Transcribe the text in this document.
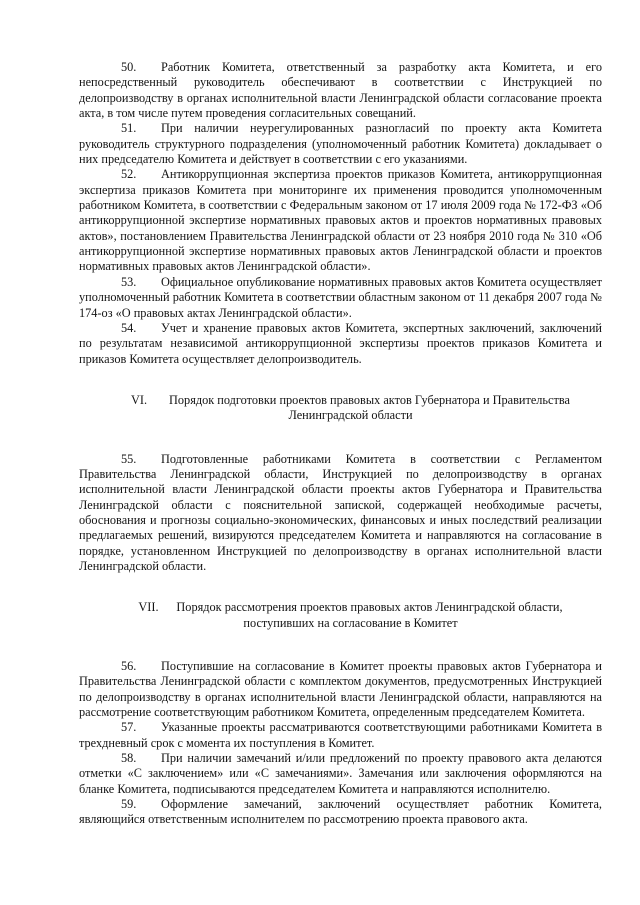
50. Работник Комитета, ответственный за разработку акта Комитета, и его непосредственный руководитель обеспечивают в соответствии с Инструкцией по делопроизводству в органах исполнительной власти Ленинградской области согласование проекта акта, в том числе путем проведения согласительных совещаний.

51. При наличии неурегулированных разногласий по проекту акта Комитета руководитель структурного подразделения (уполномоченный работник Комитета) докладывает о них председателю Комитета и действует в соответствии с его указаниями.

52. Антикоррупционная экспертиза проектов приказов Комитета, антикоррупционная экспертиза приказов Комитета при мониторинге их применения проводится уполномоченным работником Комитета, в соответствии с Федеральным законом от 17 июля 2009 года № 172-ФЗ «Об антикоррупционной экспертизе нормативных правовых актов и проектов нормативных правовых актов», постановлением Правительства Ленинградской области от 23 ноября 2010 года № 310 «Об антикоррупционной экспертизе нормативных правовых актов Ленинградской области и проектов нормативных правовых актов Ленинградской области».

53. Официальное опубликование нормативных правовых актов Комитета осуществляет уполномоченный работник Комитета в соответствии областным законом от 11 декабря 2007 года № 174-оз «О правовых актах Ленинградской области».

54. Учет и хранение правовых актов Комитета, экспертных заключений, заключений по результатам независимой антикоррупционной экспертизы проектов приказов Комитета и приказов Комитета осуществляет делопроизводитель.

VI. Порядок подготовки проектов правовых актов Губернатора и Правительства Ленинградской области

55. Подготовленные работниками Комитета в соответствии с Регламентом Правительства Ленинградской области, Инструкцией по делопроизводству в органах исполнительной власти Ленинградской области проекты актов Губернатора и Правительства Ленинградской области с пояснительной запиской, содержащей необходимые расчеты, обоснования и прогнозы социально-экономических, финансовых и иных последствий реализации предлагаемых решений, визируются председателем Комитета и направляются на согласование в порядке, установленном Инструкцией по делопроизводству в органах исполнительной власти Ленинградской области.

VII. Порядок рассмотрения проектов правовых актов Ленинградской области, поступивших на согласование в Комитет

56. Поступившие на согласование в Комитет проекты правовых актов Губернатора и Правительства Ленинградской области с комплектом документов, предусмотренных Инструкцией по делопроизводству в органах исполнительной власти Ленинградской области, направляются на рассмотрение соответствующим работником Комитета, определенным председателем Комитета.

57. Указанные проекты рассматриваются соответствующими работниками Комитета в трехдневный срок с момента их поступления в Комитет.

58. При наличии замечаний и/или предложений по проекту правового акта делаются отметки «С заключением» или «С замечаниями». Замечания или заключения оформляются на бланке Комитета, подписываются председателем Комитета и направляются исполнителю.

59. Оформление замечаний, заключений осуществляет работник Комитета, являющийся ответственным исполнителем по рассмотрению проекта правового акта.
